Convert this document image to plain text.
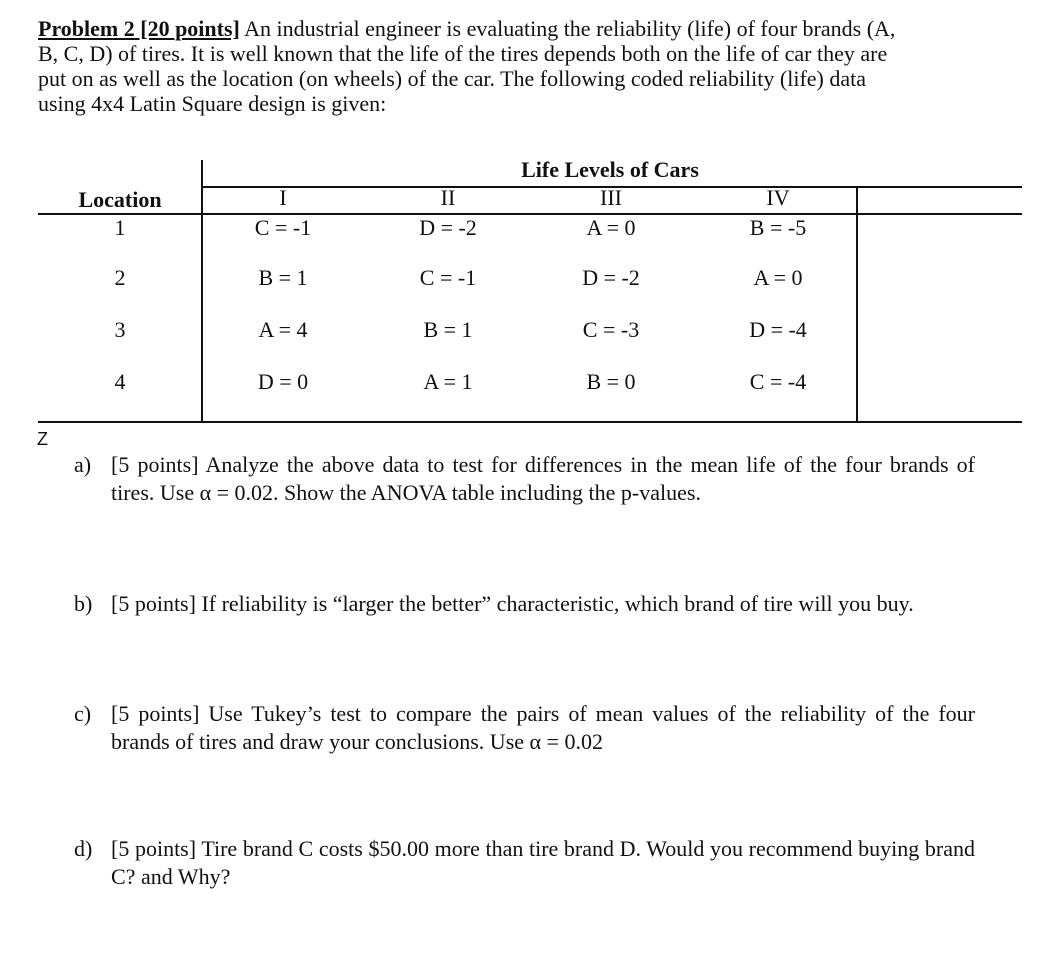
Problem 2 [20 points] An industrial engineer is evaluating the reliability (life) of four brands (A,
B, C, D) of tires. It is well known that the life of the tires depends both on the life of car they are
put on as well as the location (on wheels) of the car. The following coded reliability (life) data
using 4x4 Latin Square design is given:
Life Levels of Cars
Location	I	II	III	IV
1	C = -1	D = -2	A = 0	B = -5
2	B = 1	C = -1	D = -2	A = 0
3	A = 4	B = 1	C = -3	D = -4
4	D = 0	A = 1	B = 0	C = -4
Z
a) [5 points] Analyze the above data to test for differences in the mean life of the four brands of tires. Use α = 0.02. Show the ANOVA table including the p-values.
b) [5 points] If reliability is “larger the better” characteristic, which brand of tire will you buy.
c) [5 points] Use Tukey’s test to compare the pairs of mean values of the reliability of the four brands of tires and draw your conclusions. Use α = 0.02
d) [5 points] Tire brand C costs $50.00 more than tire brand D. Would you recommend buying brand C? and Why?
